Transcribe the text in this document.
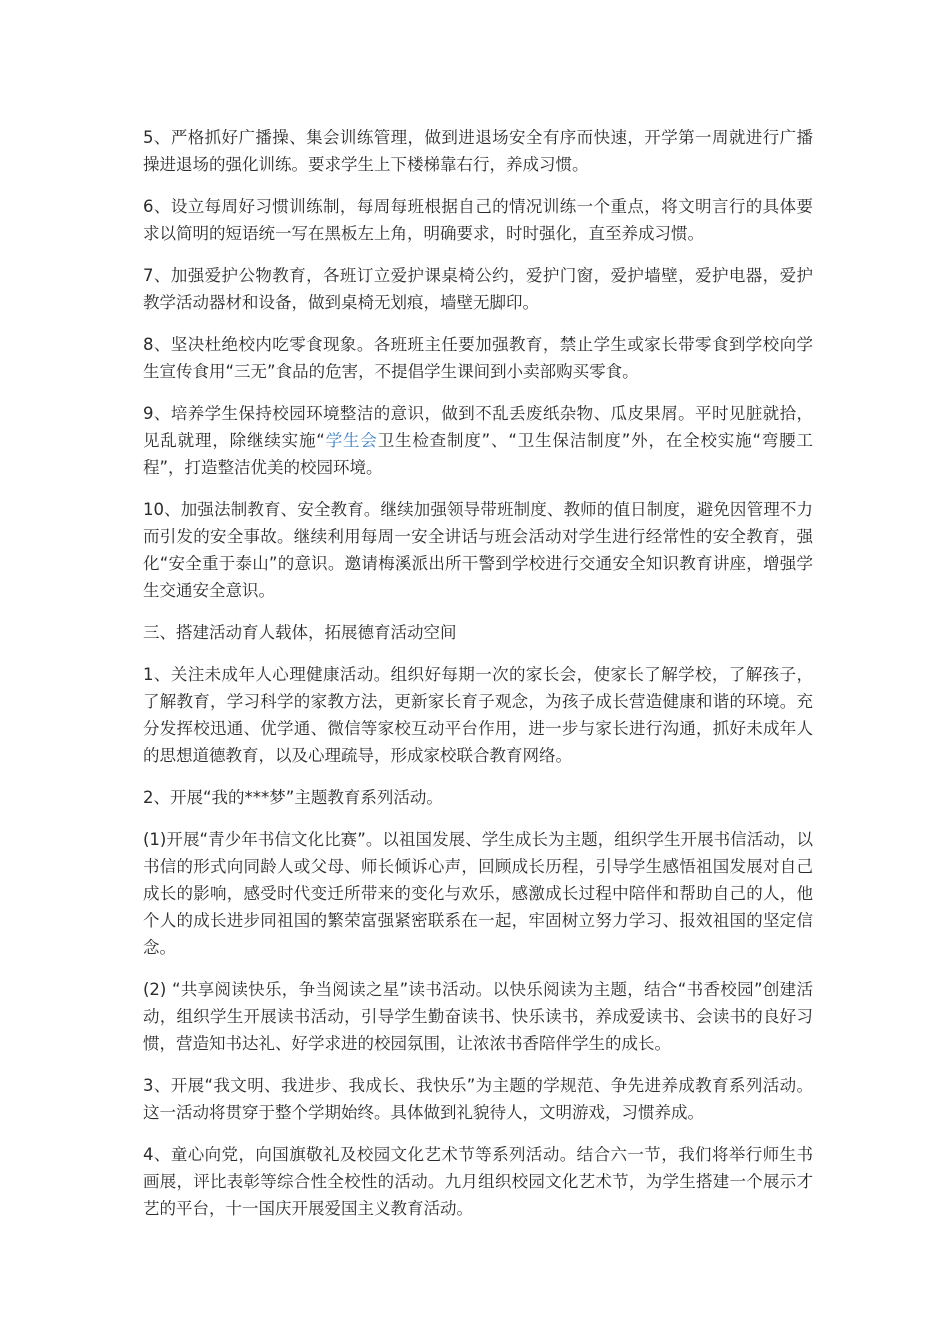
5、严格抓好广播操、集会训练管理，做到进退场安全有序而快速，开学第一周就进行广播操进退场的强化训练。要求学生上下楼梯靠右行，养成习惯。

6、设立每周好习惯训练制，每周每班根据自己的情况训练一个重点，将文明言行的具体要求以简明的短语统一写在黑板左上角，明确要求，时时强化，直至养成习惯。

7、加强爱护公物教育，各班订立爱护课桌椅公约，爱护门窗，爱护墙壁，爱护电器，爱护教学活动器材和设备，做到桌椅无划痕，墙壁无脚印。

8、坚决杜绝校内吃零食现象。各班班主任要加强教育，禁止学生或家长带零食到学校向学生宣传食用“三无”食品的危害，不提倡学生课间到小卖部购买零食。

9、培养学生保持校园环境整洁的意识，做到不乱丢废纸杂物、瓜皮果屑。平时见脏就拾，见乱就理，除继续实施“学生会卫生检查制度”、“卫生保洁制度”外，在全校实施“弯腰工程”，打造整洁优美的校园环境。

10、加强法制教育、安全教育。继续加强领导带班制度、教师的值日制度，避免因管理不力而引发的安全事故。继续利用每周一安全讲话与班会活动对学生进行经常性的安全教育，强化“安全重于泰山”的意识。邀请梅溪派出所干警到学校进行交通安全知识教育讲座，增强学生交通安全意识。

三、搭建活动育人载体，拓展德育活动空间

1、关注未成年人心理健康活动。组织好每期一次的家长会，使家长了解学校，了解孩子，了解教育，学习科学的家教方法，更新家长育子观念，为孩子成长营造健康和谐的环境。充分发挥校迅通、优学通、微信等家校互动平台作用，进一步与家长进行沟通，抓好未成年人的思想道德教育，以及心理疏导，形成家校联合教育网络。

2、开展“我的***梦”主题教育系列活动。

(1)开展“青少年书信文化比赛”。以祖国发展、学生成长为主题，组织学生开展书信活动，以书信的形式向同龄人或父母、师长倾诉心声，回顾成长历程，引导学生感悟祖国发展对自己成长的影响，感受时代变迁所带来的变化与欢乐，感激成长过程中陪伴和帮助自己的人，他个人的成长进步同祖国的繁荣富强紧密联系在一起，牢固树立努力学习、报效祖国的坚定信念。

(2) “共享阅读快乐，争当阅读之星”读书活动。以快乐阅读为主题，结合“书香校园”创建活动，组织学生开展读书活动，引导学生勤奋读书、快乐读书，养成爱读书、会读书的良好习惯，营造知书达礼、好学求进的校园氛围，让浓浓书香陪伴学生的成长。

3、开展“我文明、我进步、我成长、我快乐”为主题的学规范、争先进养成教育系列活动。这一活动将贯穿于整个学期始终。具体做到礼貌待人，文明游戏，习惯养成。

4、童心向党，向国旗敬礼及校园文化艺术节等系列活动。结合六一节，我们将举行师生书画展，评比表彰等综合性全校性的活动。九月组织校园文化艺术节，为学生搭建一个展示才艺的平台，十一国庆开展爱国主义教育活动。
